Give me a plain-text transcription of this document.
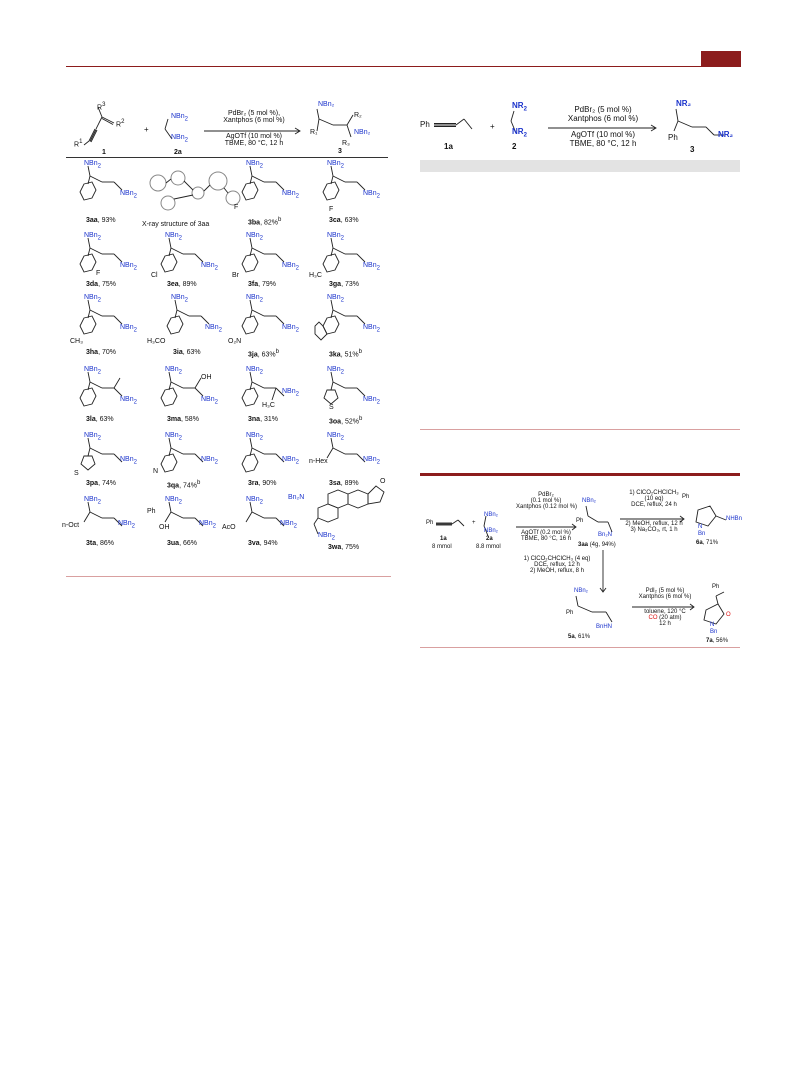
$R^3$
$R^2$
$R^1$
1
+
NBn$_2$
NBn$_2$
2a
PdBr₂ (5 mol %),
Xantphos (6 mol %)
AgOTf (10 mol %)
TBME, 80 °C, 12 h
NBn₂
R₂
R₁	NBn₂
R₃
3
X-ray structure of 3aa
NBn$_2$
NBn$_2$
3aa, 93%
NBn$_2$
NBn$_2$
F
3ba, 82%$^b$
NBn$_2$
NBn$_2$
F
3ca, 63%
NBn$_2$
NBn$_2$
F
3da, 75%
NBn$_2$
NBn$_2$
Cl
3ea, 89%
NBn$_2$
NBn$_2$
Br
3fa, 79%
NBn$_2$
NBn$_2$
H₃C
3ga, 73%
NBn$_2$
NBn$_2$
CH₃
3ha, 70%
NBn$_2$
NBn$_2$
H₃CO
3ia, 63%
NBn$_2$
NBn$_2$
O₂N
3ja, 63%$^b$
NBn$_2$
NBn$_2$
3ka, 51%$^b$
NBn$_2$
NBn$_2$
3la, 63%
NBn$_2$
NBn$_2$
OH
3ma, 58%
NBn$_2$
NBn$_2$
H₃C
3na, 31%
NBn$_2$
NBn$_2$
S
3oa, 52%$^b$
NBn$_2$
NBn$_2$
S
3pa, 74%
NBn$_2$
NBn$_2$
N
3qa, 74%$^b$
NBn$_2$
NBn$_2$
3ra, 90%
NBn$_2$
NBn$_2$
n-Hex
3sa, 89%
NBn$_2$
NBn$_2$
n-Oct
3ta, 86%
NBn$_2$
NBn$_2$
Ph
OH
3ua, 66%
NBn$_2$
NBn$_2$
AcO
3va, 94%
O
Bn₂N
NBn$_2$
3wa, 75%
Ph
1a
+
$NR_2$
$NR_2$
2
PdBr₂ (5 mol %)
Xantphos (6 mol %)
AgOTf (10 mol %)
TBME, 80 °C, 12 h
NR₂
Ph	NR₂
3
Ph
1a
8 mmol
+
NBn₂
NBn₂
2a
8.8 mmol
PdBr₂
(0.1 mol %)
Xantphos (0.12 mol %)
AgOTf (0.2 mol %)
TBME, 80 °C, 16 h
NBn₂
Ph
Bn₂N
3aa (4g, 94%)
1) ClCO₂CHClCH₃
(10 eq)
DCE, reflux, 24 h
2) MeOH, reflux, 12 h
3) Na₂CO₃, rt, 1 h
Ph
N
Bn
NHBn
6a, 71%
1) ClCO₂CHClCH₃ (4 eq)
DCE, reflux, 12 h
2) MeOH, reflux, 8 h
NBn₂
Ph
BnHN
5a, 61%
PdI₂ (5 mol %)
Xantphos (6 mol %)
toluene, 120 °C
CO (20 atm)
12 h
Ph
O
N
Bn
7a, 56%
